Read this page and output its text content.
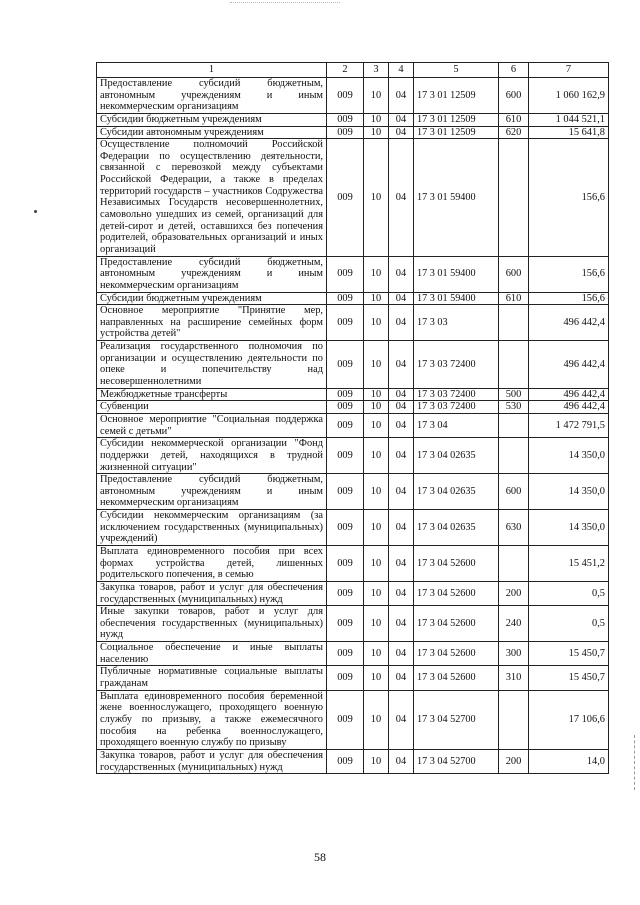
1	2	3	4	5	6	7
Предоставление субсидий бюджетным, автономным учреждениям и иным некоммерческим организациям	009	10	04	17 3 01 12509	600	1 060 162,9
Субсидии бюджетным учреждениям	009	10	04	17 3 01 12509	610	1 044 521,1
Субсидии автономным учреждениям	009	10	04	17 3 01 12509	620	15 641,8
Осуществление полномочий Российской Федерации по осуществлению деятельности, связанной с перевозкой между субъектами Российской Федерации, а также в пределах территорий государств – участников Содружества Независимых Государств несовершеннолетних, самовольно ушедших из семей, организаций для детей-сирот и детей, оставшихся без попечения родителей, образовательных организаций и иных организаций	009	10	04	17 3 01 59400		156,6
Предоставление субсидий бюджетным, автономным учреждениям и иным некоммерческим организациям	009	10	04	17 3 01 59400	600	156,6
Субсидии бюджетным учреждениям	009	10	04	17 3 01 59400	610	156,6
Основное мероприятие "Принятие мер, направленных на расширение семейных форм устройства детей"	009	10	04	17 3 03		496 442,4
Реализация государственного полномочия по организации и осуществлению деятельности по опеке и попечительству над несовершеннолетними	009	10	04	17 3 03 72400		496 442,4
Межбюджетные трансферты	009	10	04	17 3 03 72400	500	496 442,4
Субвенции	009	10	04	17 3 03 72400	530	496 442,4
Основное мероприятие "Социальная поддержка семей с детьми"	009	10	04	17 3 04		1 472 791,5
Субсидии некоммерческой организации "Фонд поддержки детей, находящихся в трудной жизненной ситуации"	009	10	04	17 3 04 02635		14 350,0
Предоставление субсидий бюджетным, автономным учреждениям и иным некоммерческим организациям	009	10	04	17 3 04 02635	600	14 350,0
Субсидии некоммерческим организациям (за исключением государственных (муниципальных) учреждений)	009	10	04	17 3 04 02635	630	14 350,0
Выплата единовременного пособия при всех формах устройства детей, лишенных родительского попечения, в семью	009	10	04	17 3 04 52600		15 451,2
Закупка товаров, работ и услуг для обеспечения государственных (муниципальных) нужд	009	10	04	17 3 04 52600	200	0,5
Иные закупки товаров, работ и услуг для обеспечения государственных (муниципальных) нужд	009	10	04	17 3 04 52600	240	0,5
Социальное обеспечение и иные выплаты населению	009	10	04	17 3 04 52600	300	15 450,7
Публичные нормативные социальные выплаты гражданам	009	10	04	17 3 04 52600	310	15 450,7
Выплата единовременного пособия беременной жене военнослужащего, проходящего военную службу по призыву, а также ежемесячного пособия на ребенка военнослужащего, проходящего военную службу по призыву	009	10	04	17 3 04 52700		17 106,6
Закупка товаров, работ и услуг для обеспечения государственных (муниципальных) нужд	009	10	04	17 3 04 52700	200	14,0
58
